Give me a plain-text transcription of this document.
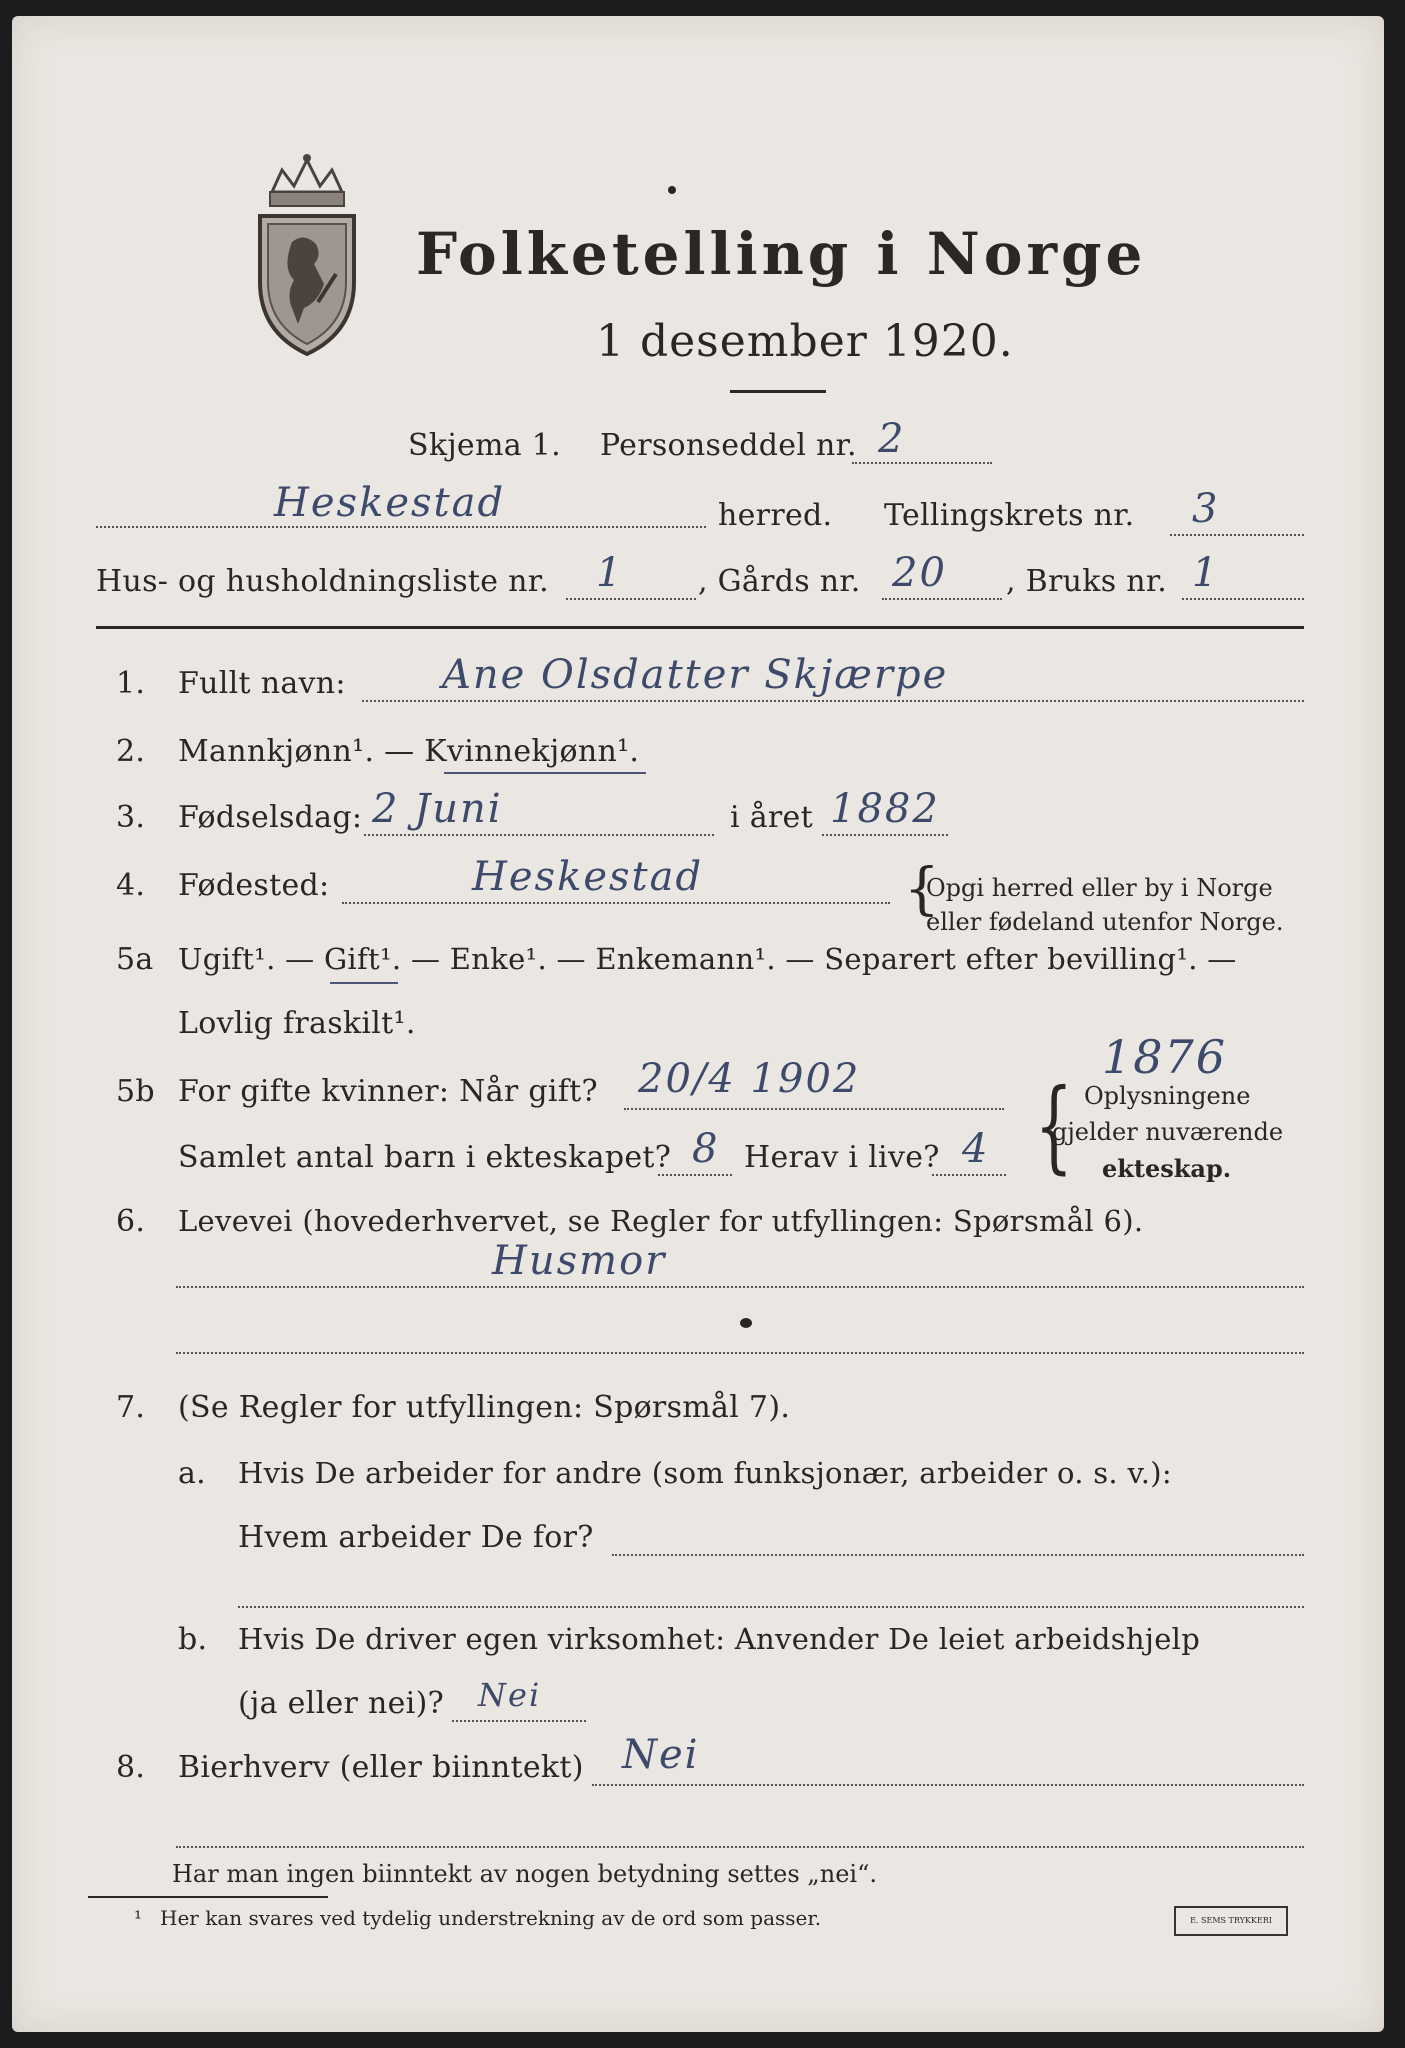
Folketelling i Norge
1 desember 1920.
Skjema 1. Personseddel nr. 2
Heskestad	herred. Tellingskrets nr. 3
Hus- og husholdningsliste nr. 1 , Gårds nr. 20 , Bruks nr. 1
1. Fullt navn: Ane Olsdatter Skjærpe
2. Mannkjønn¹. — Kvinnekjønn¹.
3. Fødselsdag: 2 Juni	i året 1882
4. Fødested:	Heskestad	{
Opgi herred eller by i Norge
eller fødeland utenfor Norge.
5a Ugift¹. — Gift¹. — Enke¹. — Enkemann¹. — Separert efter bevilling¹. —
Lovlig fraskilt¹.
1876
5b For gifte kvinner: Når gift? 20/4 1902
Samlet antal barn i ekteskapet? 8 Herav i live? 4 { Oplysningene
gjelder nuværende
ekteskap.
6. Levevei (hovederhvervet, se Regler for utfyllingen: Spørsmål 6).
Husmor
7. (Se Regler for utfyllingen: Spørsmål 7).
a. Hvis De arbeider for andre (som funksjonær, arbeider o. s. v.):
Hvem arbeider De for?
b. Hvis De driver egen virksomhet: Anvender De leiet arbeidshjelp
(ja eller nei)? Nei
8. Bierhverv (eller biinntekt) Nei
Har man ingen biinntekt av nogen betydning settes „nei“.
¹ Her kan svares ved tydelig understrekning av de ord som passer.	E. SEMS TRYKKERI
